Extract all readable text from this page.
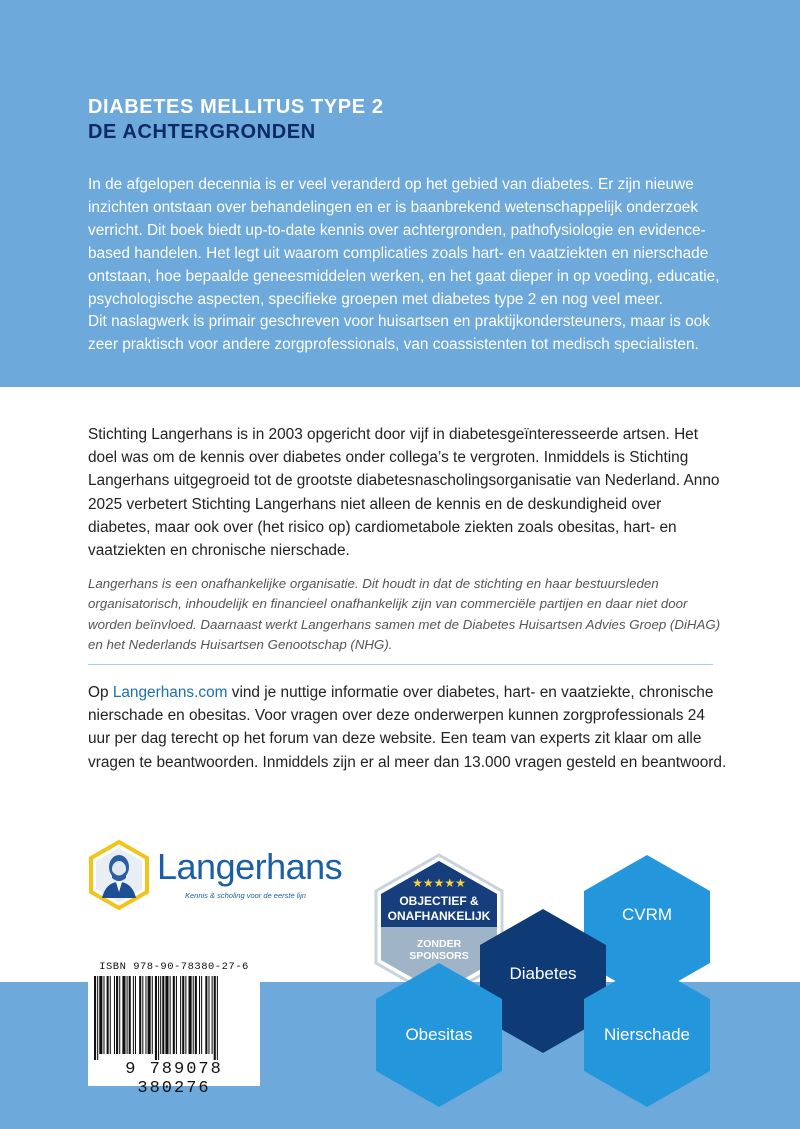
DIABETES MELLITUS TYPE 2
DE ACHTERGRONDEN

In de afgelopen decennia is er veel veranderd op het gebied van diabetes. Er zijn nieuwe inzichten ontstaan over behandelingen en er is baanbrekend wetenschappelijk onderzoek verricht. Dit boek biedt up-to-date kennis over achtergronden, pathofysiologie en evidence-based handelen. Het legt uit waarom complicaties zoals hart- en vaatziekten en nierschade ontstaan, hoe bepaalde geneesmiddelen werken, en het gaat dieper in op voeding, educatie, psychologische aspecten, specifieke groepen met diabetes type 2 en nog veel meer.

Dit naslagwerk is primair geschreven voor huisartsen en praktijkondersteuners, maar is ook zeer praktisch voor andere zorgprofessionals, van coassistenten tot medisch specialisten.

Stichting Langerhans is in 2003 opgericht door vijf in diabetesgeïnteresseerde artsen. Het doel was om de kennis over diabetes onder collega’s te vergroten. Inmiddels is Stichting Langerhans uitgegroeid tot de grootste diabetesnascholingsorganisatie van Nederland. Anno 2025 verbetert Stichting Langerhans niet alleen de kennis en de deskundigheid over diabetes, maar ook over (het risico op) cardiometabole ziekten zoals obesitas, hart- en vaatziekten en chronische nierschade.

Langerhans is een onafhankelijke organisatie. Dit houdt in dat de stichting en haar bestuursleden organisatorisch, inhoudelijk en financieel onafhankelijk zijn van commerciële partijen en daar niet door worden beïnvloed. Daarnaast werkt Langerhans samen met de Diabetes Huisartsen Advies Groep (DiHAG) en het Nederlands Huisartsen Genootschap (NHG).

Op Langerhans.com vind je nuttige informatie over diabetes, hart- en vaatziekte, chronische nierschade en obesitas. Voor vragen over deze onderwerpen kunnen zorgprofessionals 24 uur per dag terecht op het forum van deze website. Een team van experts zit klaar om alle vragen te beantwoorden. Inmiddels zijn er al meer dan 13.000 vragen gesteld en beantwoord.

Langerhans

Kennis & scholing voor de eerste lijn

ISBN 978-90-78380-27-6

9 789078 380276

★★★★★
OBJECTIEF &
ONAFHANKELIJK
ZONDER
SPONSORS
CVRM
Diabetes
Obesitas	Nierschade
